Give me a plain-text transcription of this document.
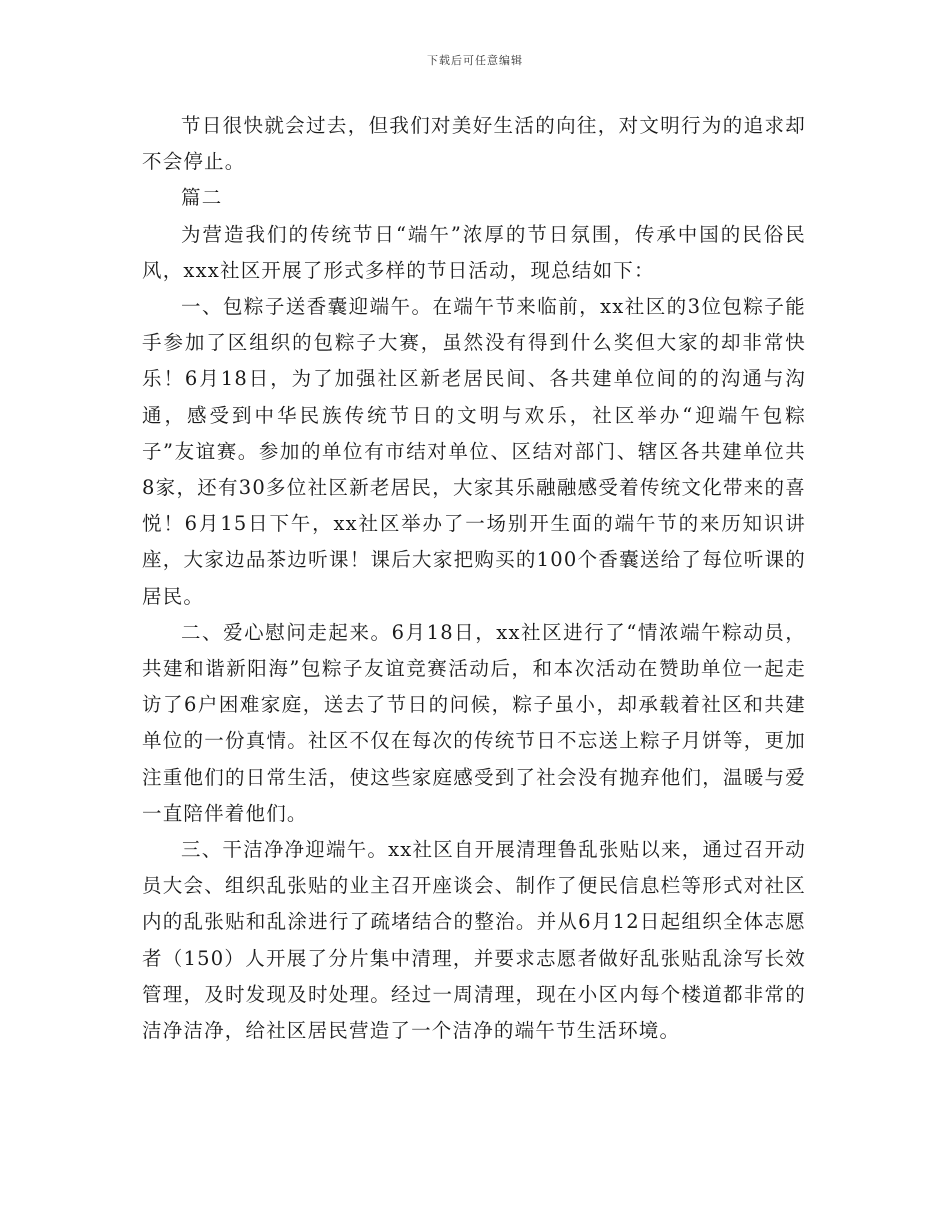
下载后可任意编辑

节日很快就会过去，但我们对美好生活的向往，对文明行为的追求却不会停止。

篇二

为营造我们的传统节日“端午”浓厚的节日氛围，传承中国的民俗民风，xxx社区开展了形式多样的节日活动，现总结如下：

一、包粽子送香囊迎端午。在端午节来临前，xx社区的3位包粽子能手参加了区组织的包粽子大赛，虽然没有得到什么奖但大家的却非常快乐！6月18日，为了加强社区新老居民间、各共建单位间的的沟通与沟通，感受到中华民族传统节日的文明与欢乐，社区举办“迎端午包粽子”友谊赛。参加的单位有市结对单位、区结对部门、辖区各共建单位共8家，还有30多位社区新老居民，大家其乐融融感受着传统文化带来的喜悦！6月15日下午，xx社区举办了一场别开生面的端午节的来历知识讲座，大家边品茶边听课！课后大家把购买的100个香囊送给了每位听课的居民。

二、爱心慰问走起来。6月18日，xx社区进行了“情浓端午粽动员，共建和谐新阳海”包粽子友谊竞赛活动后，和本次活动在赞助单位一起走访了6户困难家庭，送去了节日的问候，粽子虽小，却承载着社区和共建单位的一份真情。社区不仅在每次的传统节日不忘送上粽子月饼等，更加注重他们的日常生活，使这些家庭感受到了社会没有抛弃他们，温暖与爱一直陪伴着他们。

三、干洁净净迎端午。xx社区自开展清理鲁乱张贴以来，通过召开动员大会、组织乱张贴的业主召开座谈会、制作了便民信息栏等形式对社区内的乱张贴和乱涂进行了疏堵结合的整治。并从6月12日起组织全体志愿者（150）人开展了分片集中清理，并要求志愿者做好乱张贴乱涂写长效管理，及时发现及时处理。经过一周清理，现在小区内每个楼道都非常的洁净洁净，给社区居民营造了一个洁净的端午节生活环境。
